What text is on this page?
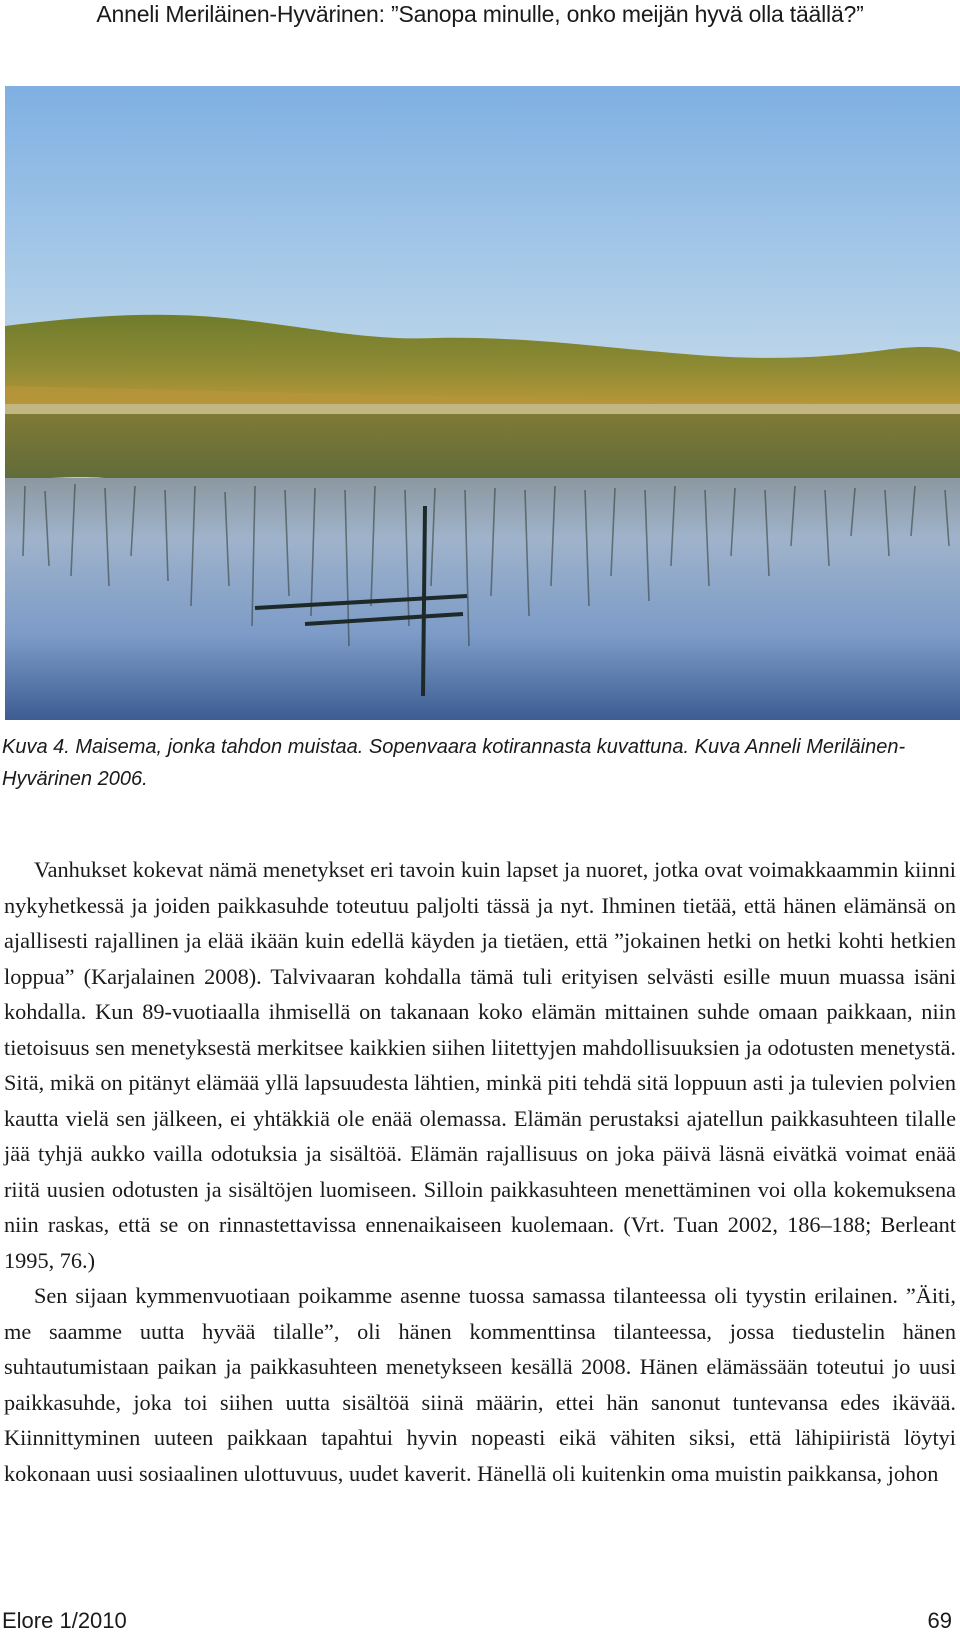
Anneli Meriläinen-Hyvärinen: ”Sanopa minulle, onko meijän hyvä olla täällä?”
Kuva 4. Maisema, jonka tahdon muistaa. Sopenvaara kotirannasta kuvattuna. Kuva Anneli Meriläinen-Hyvärinen 2006.

Vanhukset kokevat nämä menetykset eri tavoin kuin lapset ja nuoret, jotka ovat voimakkaammin kiinni nykyhetkessä ja joiden paikkasuhde toteutuu paljolti tässä ja nyt. Ihminen tietää, että hänen elämänsä on ajallisesti rajallinen ja elää ikään kuin edellä käyden ja tietäen, että ”jokainen hetki on hetki kohti hetkien loppua” (Karjalainen 2008). Talvivaaran kohdalla tämä tuli erityisen selvästi esille muun muassa isäni kohdalla. Kun 89-vuotiaalla ihmisellä on takanaan koko elämän mittainen suhde omaan paikkaan, niin tietoisuus sen menetyksestä merkitsee kaikkien siihen liitettyjen mahdollisuuksien ja odotusten menetystä. Sitä, mikä on pitänyt elämää yllä lapsuudesta lähtien, minkä piti tehdä sitä loppuun asti ja tulevien polvien kautta vielä sen jälkeen, ei yhtäkkiä ole enää olemassa. Elämän perustaksi ajatellun paikkasuhteen tilalle jää tyhjä aukko vailla odotuksia ja sisältöä. Elämän rajallisuus on joka päivä läsnä eivätkä voimat enää riitä uusien odotusten ja sisältöjen luomiseen. Silloin paikkasuhteen menettäminen voi olla kokemuksena niin raskas, että se on rinnastettavissa ennenaikaiseen kuolemaan. (Vrt. Tuan 2002, 186–188; Berleant 1995, 76.)

Sen sijaan kymmenvuotiaan poikamme asenne tuossa samassa tilanteessa oli tyystin erilainen. ”Äiti, me saamme uutta hyvää tilalle”, oli hänen kommenttinsa tilanteessa, jossa tiedustelin hänen suhtautumistaan paikan ja paikkasuhteen menetykseen kesällä 2008. Hänen elämässään toteutui jo uusi paikkasuhde, joka toi siihen uutta sisältöä siinä määrin, ettei hän sanonut tuntevansa edes ikävää. Kiinnittyminen uuteen paikkaan tapahtui hyvin nopeasti eikä vähiten siksi, että lähipiiristä löytyi kokonaan uusi sosiaalinen ulottuvuus, uudet kaverit. Hänellä oli kuitenkin oma muistin paikkansa, johon

Elore 1/2010	69
